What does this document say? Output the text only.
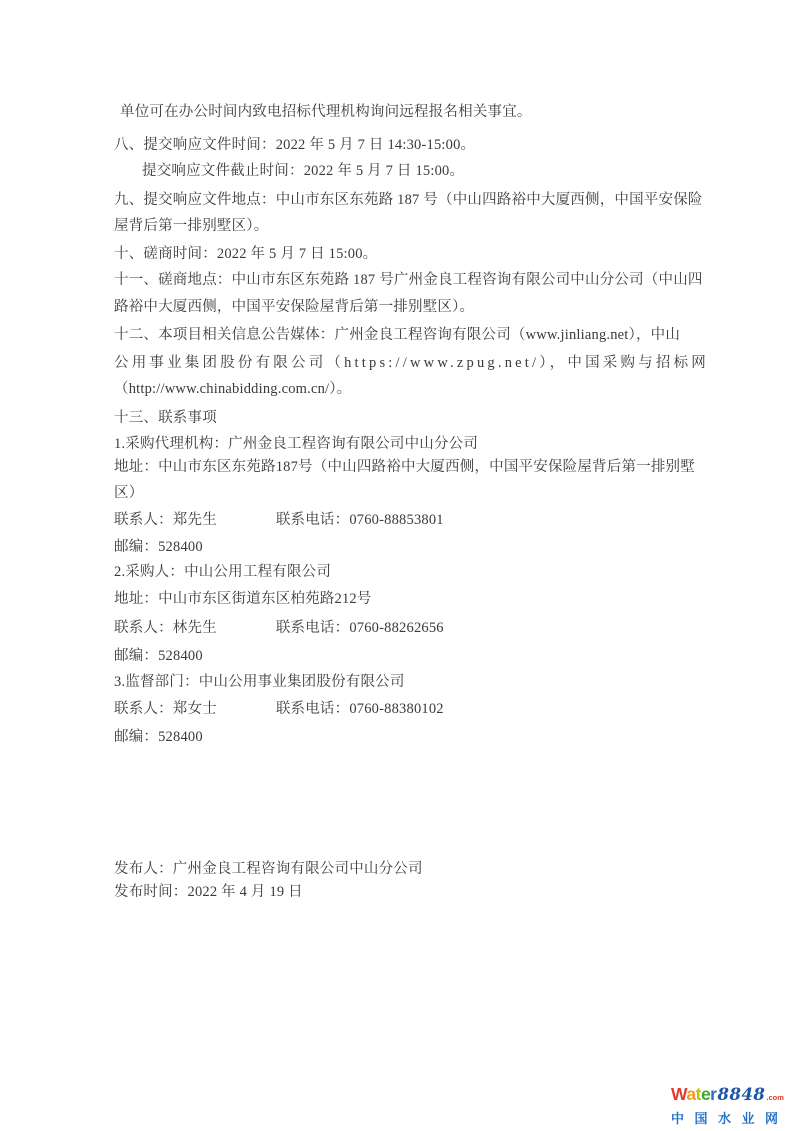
单位可在办公时间内致电招标代理机构询问远程报名相关事宜。
八、提交响应文件时间：2022 年 5 月 7 日 14:30-15:00。
提交响应文件截止时间：2022 年 5 月 7 日 15:00。
九、提交响应文件地点：中山市东区东苑路 187 号（中山四路裕中大厦西侧，中国平安保险
屋背后第一排别墅区）。
十、磋商时间：2022 年 5 月 7 日 15:00。
十一、磋商地点：中山市东区东苑路 187 号广州金良工程咨询有限公司中山分公司（中山四
路裕中大厦西侧，中国平安保险屋背后第一排别墅区）。
十二、本项目相关信息公告媒体：广州金良工程咨询有限公司（www.jinliang.net），中山
公用事业集团股份有限公司（https://www.zpug.net/），中国采购与招标网
（http://www.chinabidding.com.cn/）。
十三、联系事项
1.采购代理机构：广州金良工程咨询有限公司中山分公司
地址：中山市东区东苑路187号（中山四路裕中大厦西侧，中国平安保险屋背后第一排别墅
区）
联系人：郑先生	联系电话：0760-88853801
邮编：528400
2.采购人：中山公用工程有限公司
地址：中山市东区街道东区柏苑路212号
联系人：林先生	联系电话：0760-88262656
邮编：528400
3.监督部门：中山公用事业集团股份有限公司
联系人：郑女士	联系电话：0760-88380102
邮编：528400
发布人：广州金良工程咨询有限公司中山分公司
发布时间：2022 年 4 月 19 日
Water 8848 .com
中国水业网
